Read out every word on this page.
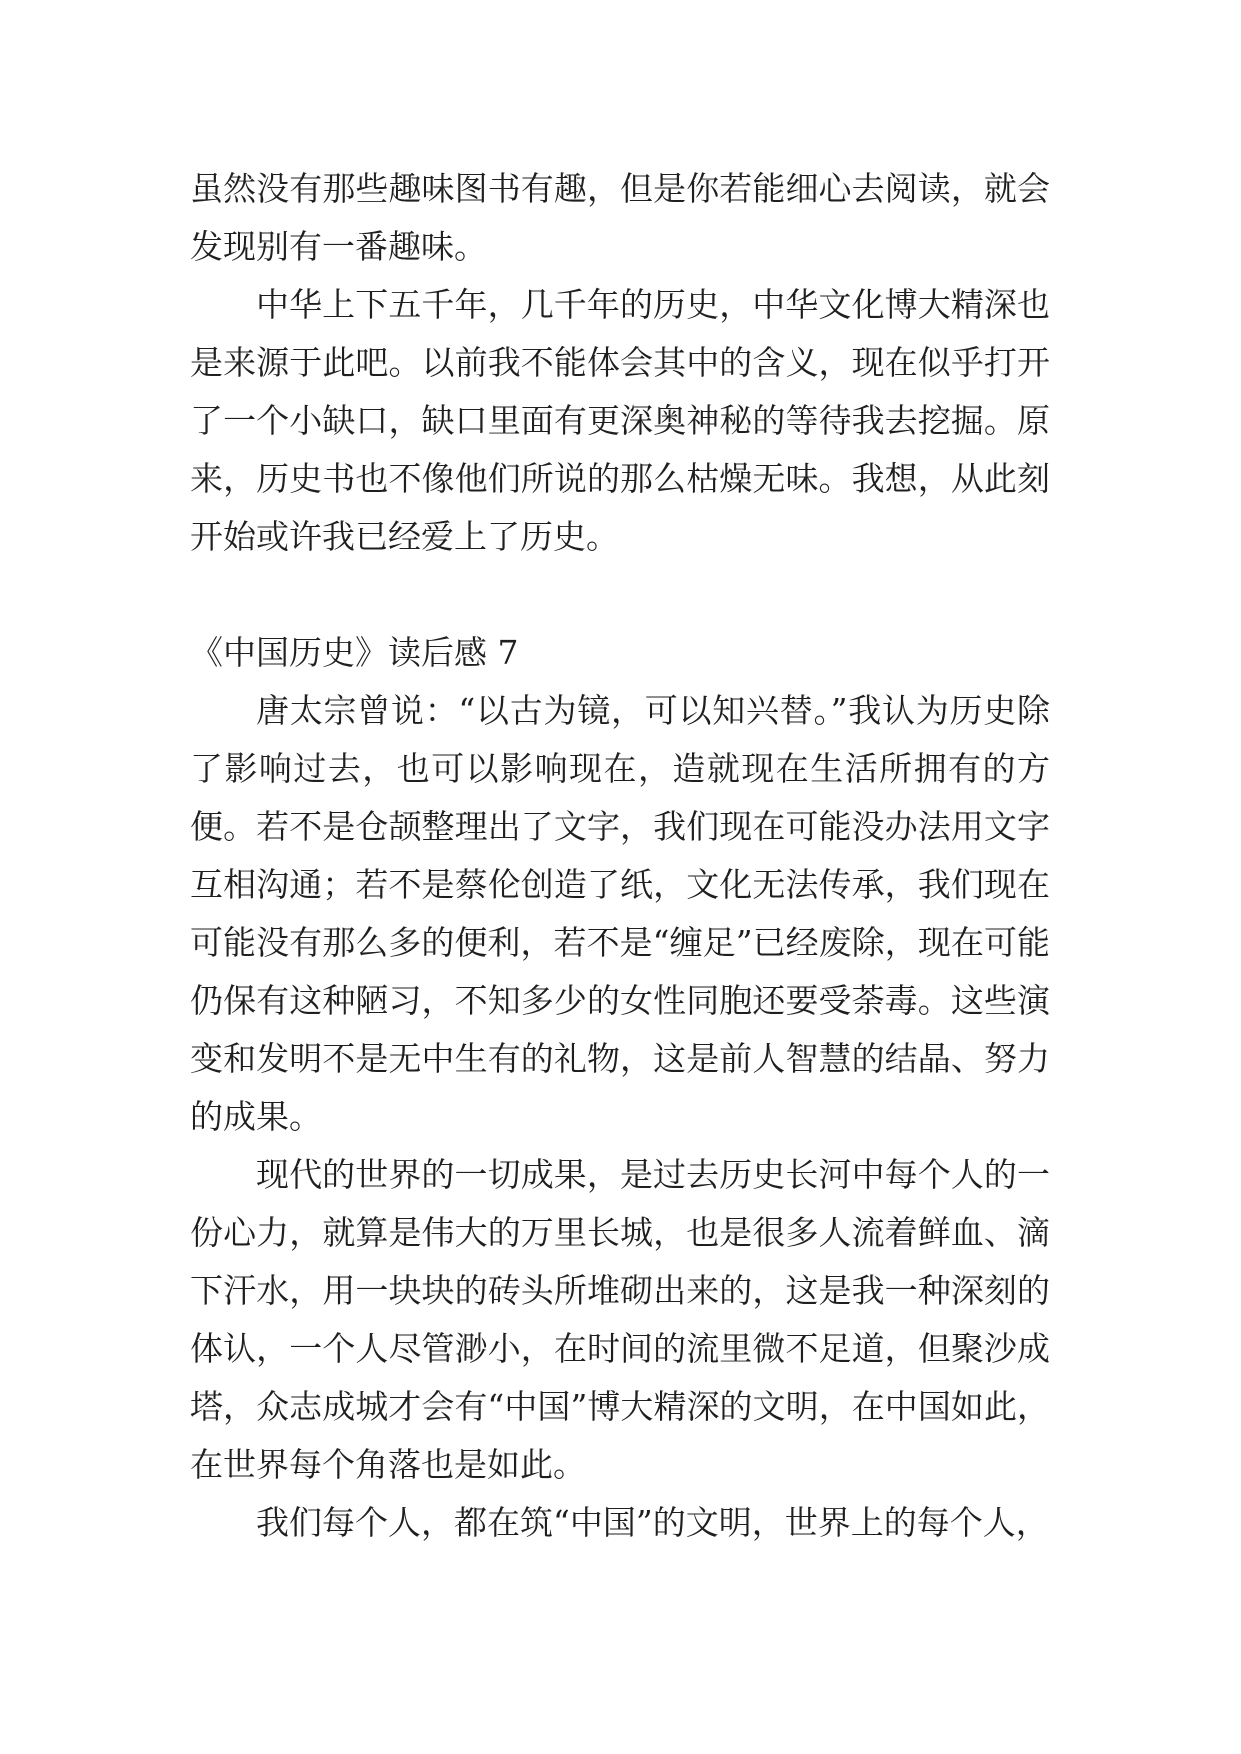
虽然没有那些趣味图书有趣，但是你若能细心去阅读，就会发现别有一番趣味。

中华上下五千年，几千年的历史，中华文化博大精深也是来源于此吧。以前我不能体会其中的含义，现在似乎打开了一个小缺口，缺口里面有更深奥神秘的等待我去挖掘。原来，历史书也不像他们所说的那么枯燥无味。我想，从此刻开始或许我已经爱上了历史。

《中国历史》读后感 7

唐太宗曾说：“以古为镜，可以知兴替。”我认为历史除了影响过去，也可以影响现在，造就现在生活所拥有的方便。若不是仓颉整理出了文字，我们现在可能没办法用文字互相沟通；若不是蔡伦创造了纸，文化无法传承，我们现在可能没有那么多的便利，若不是“缠足”已经废除，现在可能仍保有这种陋习，不知多少的女性同胞还要受荼毒。这些演变和发明不是无中生有的礼物，这是前人智慧的结晶、努力的成果。

现代的世界的一切成果，是过去历史长河中每个人的一份心力，就算是伟大的万里长城，也是很多人流着鲜血、滴下汗水，用一块块的砖头所堆砌出来的，这是我一种深刻的体认，一个人尽管渺小，在时间的流里微不足道，但聚沙成塔，众志成城才会有“中国”博大精深的文明，在中国如此，在世界每个角落也是如此。

我们每个人，都在筑“中国”的文明，世界上的每个人，
